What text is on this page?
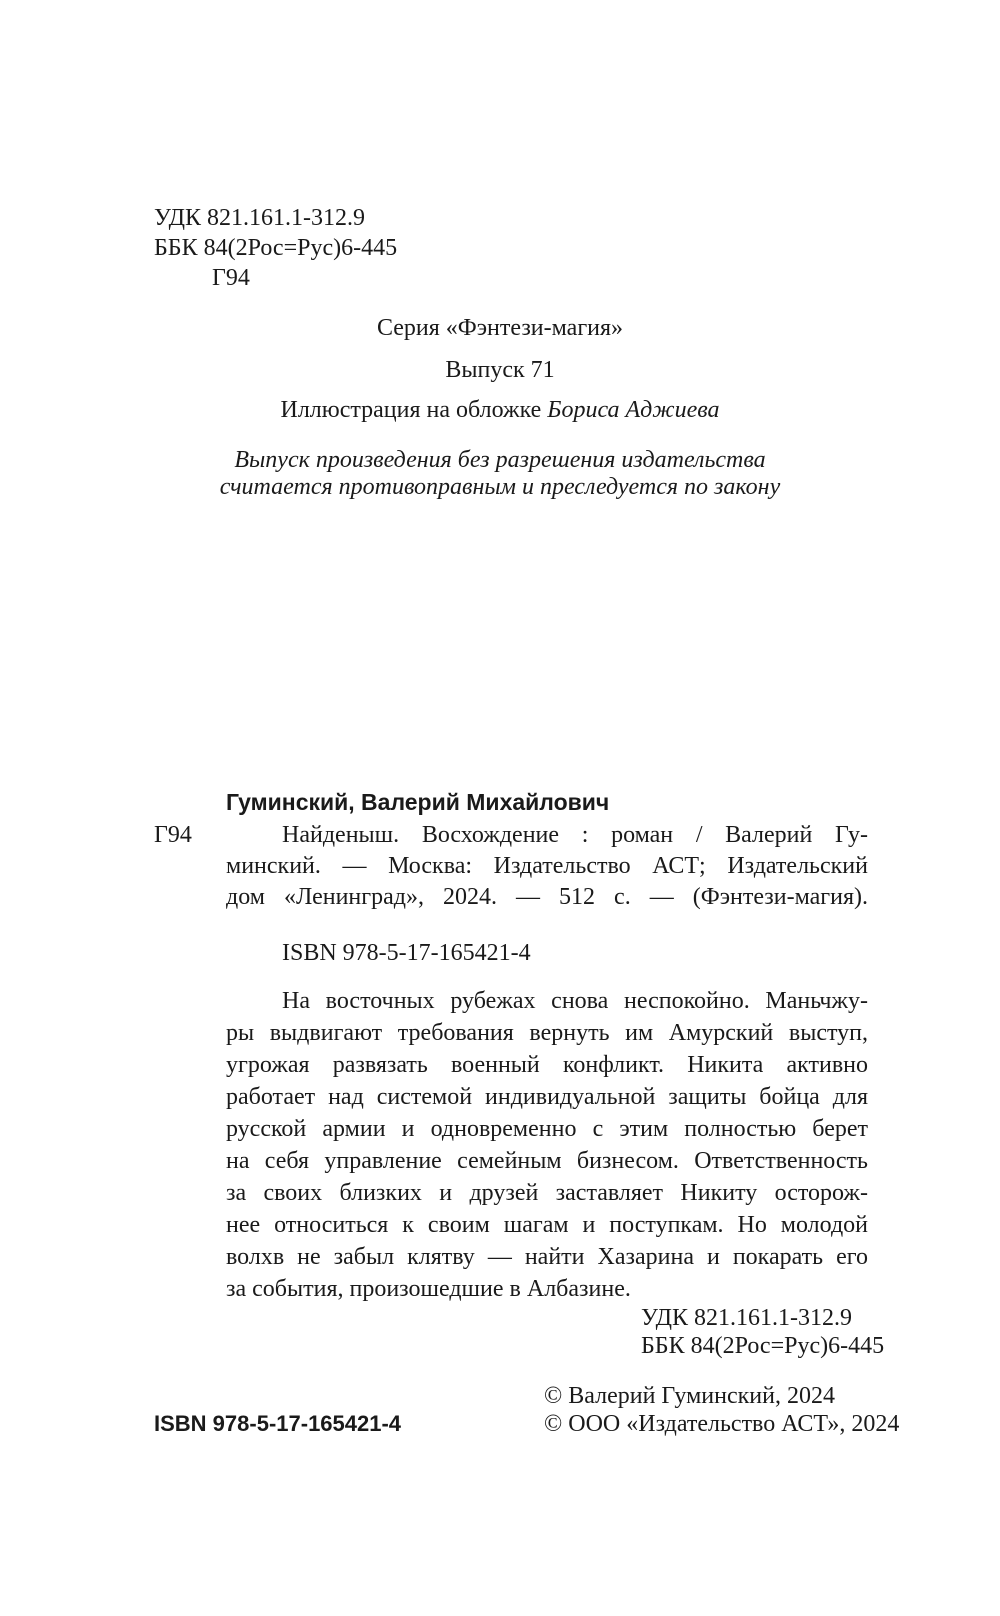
УДК 821.161.1-312.9
ББК 84(2Рос=Рус)6-445
Г94
Серия «Фэнтези-магия»
Выпуск 71
Иллюстрация на обложке Бориса Аджиева
Выпуск произведения без разрешения издательства
считается противоправным и преследуется по закону
Гуминский, Валерий Михайлович
Г94	Найденыш. Восхождение : роман / Валерий Гу-
минский. — Москва: Издательство АСТ; Издательский
дом «Ленинград», 2024. — 512 с. — (Фэнтези-магия).
ISBN 978-5-17-165421-4
На восточных рубежах снова неспокойно. Маньчжу-
ры выдвигают требования вернуть им Амурский выступ,
угрожая развязать военный конфликт. Никита активно
работает над системой индивидуальной защиты бойца для
русской армии и одновременно с этим полностью берет
на себя управление семейным бизнесом. Ответственность
за своих близких и друзей заставляет Никиту осторож-
нее относиться к своим шагам и поступкам. Но молодой
волхв не забыл клятву — найти Хазарина и покарать его
за события, произошедшие в Албазине.
УДК 821.161.1-312.9
ББК 84(2Рос=Рус)6-445
© Валерий Гуминский, 2024
© ООО «Издательство АСТ», 2024
ISBN 978-5-17-165421-4
